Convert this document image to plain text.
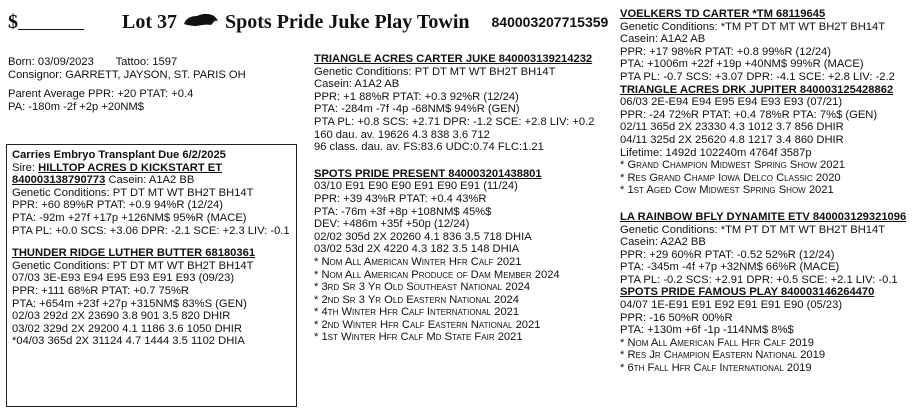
$	Lot 37 Spots Pride Juke Play Towin 840003207715359
Born: 03/09/2023 Tattoo: 1597
Consignor: GARRETT, JAYSON, ST. PARIS OH
Parent Average PPR: +20 PTAT: +0.4
PA: -180m -2f +2p +20NM$
Carries Embryo Transplant Due 6/2/2025
Sire: HILLTOP ACRES D KICKSTART ET
840003138790773 Casein: A1A2 BB
Genetic Conditions: PT DT MT WT BH2T BH14T
PPR: +60 89%R PTAT: +0.9 94%R (12/24)
PTA: -92m +27f +17p +126NM$ 95%R (MACE)
PTA PL: +0.0 SCS: +3.06 DPR: -2.1 SCE: +2.3 LIV: -0.1
THUNDER RIDGE LUTHER BUTTER 68180361
Genetic Conditions: PT DT MT WT BH2T BH14T
07/03 3E-E93 E94 E95 E93 E91 E93 (09/23)
PPR: +111 68%R PTAT: +0.7 75%R
PTA: +654m +23f +27p +315NM$ 83%S (GEN)
02/03 292d 2X 23690 3.8 901 3.5 820 DHIR
03/02 329d 2X 29200 4.1 1186 3.6 1050 DHIR
*04/03 365d 2X 31124 4.7 1444 3.5 1102 DHIA
TRIANGLE ACRES CARTER JUKE 840003139214232
Genetic Conditions: PT DT MT WT BH2T BH14T
Casein: A1A2 AB
PPR: +1 88%R PTAT: +0.3 92%R (12/24)
PTA: -284m -7f -4p -68NM$ 94%R (GEN)
PTA PL: +0.8 SCS: +2.71 DPR: -1.2 SCE: +2.8 LIV: +0.2
160 dau. av. 19626 4.3 838 3.6 712
96 class. dau. av. FS:83.6 UDC:0.74 FLC:1.21
SPOTS PRIDE PRESENT 840003201438801
03/10 E91 E90 E90 E91 E90 E91 (11/24)
PPR: +39 43%R PTAT: +0.4 43%R
PTA: -76m +3f +8p +108NM$ 45%$
DEV: +486m +35f +50p (12/24)
02/02 305d 2X 20260 4.1 836 3.5 718 DHIA
03/02 53d 2X 4220 4.3 182 3.5 148 DHIA
* Nom All American Winter Hfr Calf 2021
* Nom All American Produce of Dam Member 2024
* 3rd Sr 3 Yr Old Southeast National 2024
* 2nd Sr 3 Yr Old Eastern National 2024
* 4th Winter Hfr Calf International 2021
* 2nd Winter Hfr Calf Eastern National 2021
* 1st Winter Hfr Calf Md State Fair 2021
VOELKERS TD CARTER *TM 68119645
Genetic Conditions: *TM PT DT MT WT BH2T BH14T
Casein: A1A2 AB
PPR: +17 98%R PTAT: +0.8 99%R (12/24)
PTA: +1006m +22f +19p +40NM$ 99%R (MACE)
PTA PL: -0.7 SCS: +3.07 DPR: -4.1 SCE: +2.8 LIV: -2.2
TRIANGLE ACRES DRK JUPITER 840003125428862
06/03 2E-E94 E94 E95 E94 E93 E93 (07/21)
PPR: -24 72%R PTAT: +0.4 78%R PTA: 7%$ (GEN)
02/11 365d 2X 23330 4.3 1012 3.7 856 DHIR
04/11 325d 2X 25620 4.8 1217 3.4 860 DHIR
Lifetime: 1492d 102240m 4764f 3587p
* Grand Champion Midwest Spring Show 2021
* Res Grand Champ Iowa Delco Classic 2020
* 1st Aged Cow Midwest Spring Show 2021
LA RAINBOW BFLY DYNAMITE ETV 840003129321096
Genetic Conditions: *TM PT DT MT WT BH2T BH14T
Casein: A2A2 BB
PPR: +29 60%R PTAT: -0.52 52%R (12/24)
PTA: -345m -4f +7p +32NM$ 66%R (MACE)
PTA PL: -0.2 SCS: +2.91 DPR: +0.5 SCE: +2.1 LIV: -0.1
SPOTS PRIDE FAMOUS PLAY 840003146264470
04/07 1E-E91 E91 E92 E91 E91 E90 (05/23)
PPR: -16 50%R 00%R
PTA: +130m +6f -1p -114NM$ 8%$
* Nom All American Fall Hfr Calf 2019
* Res Jr Champion Eastern National 2019
* 6th Fall Hfr Calf International 2019
